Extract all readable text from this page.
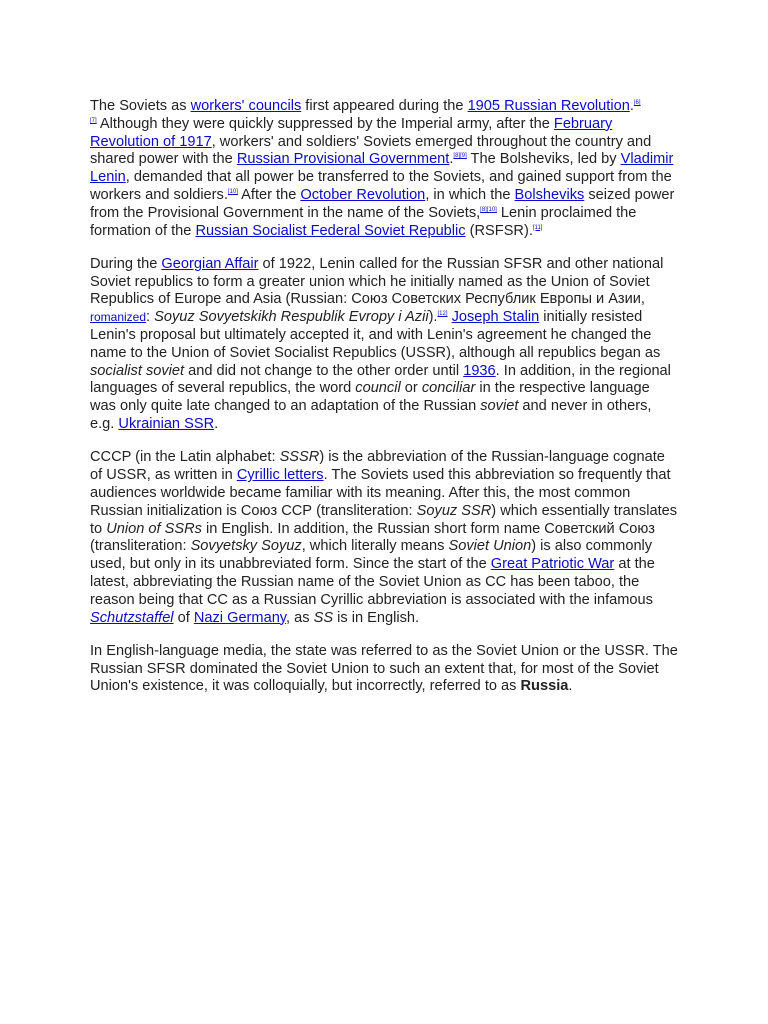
The Soviets as workers' councils first appeared during the 1905 Russian Revolution.[6]
[7] Although they were quickly suppressed by the Imperial army, after the February Revolution of 1917, workers' and soldiers' Soviets emerged throughout the country and shared power with the Russian Provisional Government.[8][9] The Bolsheviks, led by Vladimir Lenin, demanded that all power be transferred to the Soviets, and gained support from the workers and soldiers.[10] After the October Revolution, in which the Bolsheviks seized power from the Provisional Government in the name of the Soviets,[8][10] Lenin proclaimed the formation of the Russian Socialist Federal Soviet Republic (RSFSR).[11]

During the Georgian Affair of 1922, Lenin called for the Russian SFSR and other national Soviet republics to form a greater union which he initially named as the Union of Soviet Republics of Europe and Asia (Russian: Союз Советских Республик Европы и Азии, romanized: Soyuz Sovyetskikh Respublik Evropy i Azii).[12] Joseph Stalin initially resisted Lenin's proposal but ultimately accepted it, and with Lenin's agreement he changed the name to the Union of Soviet Socialist Republics (USSR), although all republics began as socialist soviet and did not change to the other order until 1936. In addition, in the regional languages of several republics, the word council or conciliar in the respective language was only quite late changed to an adaptation of the Russian soviet and never in others, e.g. Ukrainian SSR.

CCCP (in the Latin alphabet: SSSR) is the abbreviation of the Russian-language cognate of USSR, as written in Cyrillic letters. The Soviets used this abbreviation so frequently that audiences worldwide became familiar with its meaning. After this, the most common Russian initialization is Союз ССР (transliteration: Soyuz SSR) which essentially translates to Union of SSRs in English. In addition, the Russian short form name Советский Союз (transliteration: Sovyetsky Soyuz, which literally means Soviet Union) is also commonly used, but only in its unabbreviated form. Since the start of the Great Patriotic War at the latest, abbreviating the Russian name of the Soviet Union as CC has been taboo, the reason being that CC as a Russian Cyrillic abbreviation is associated with the infamous Schutzstaffel of Nazi Germany, as SS is in English.

In English-language media, the state was referred to as the Soviet Union or the USSR. The Russian SFSR dominated the Soviet Union to such an extent that, for most of the Soviet Union's existence, it was colloquially, but incorrectly, referred to as Russia.
